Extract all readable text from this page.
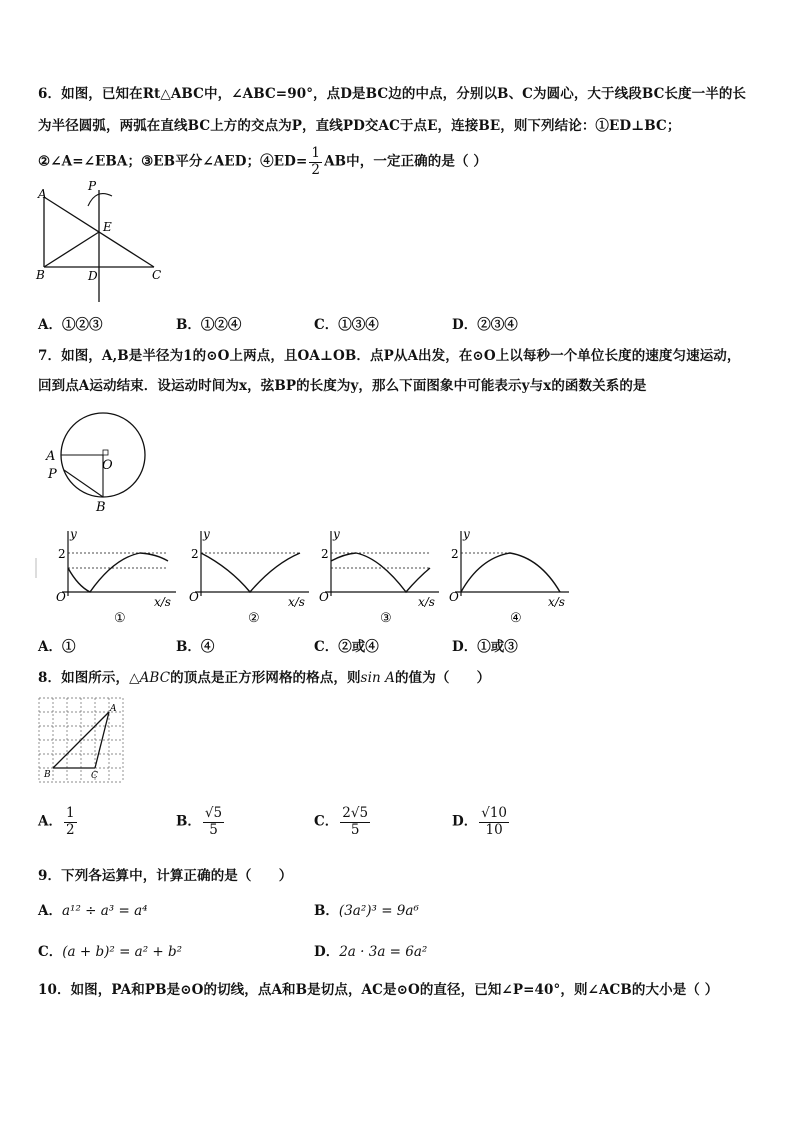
6．如图，已知在Rt△ABC中，∠ABC=90°，点D是BC边的中点，分别以B、C为圆心，大于线段BC长度一半的长
为半径圆弧，两弧在直线BC上方的交点为P，直线PD交AC于点E，连接BE，则下列结论：①ED⊥BC；
②∠A=∠EBA；③EB平分∠AED；④ED= $\frac{1}{2}$ AB中，一定正确的是（ ）
A
P
E
B	D	C
A．①②③	B．①②④	C．①③④	D．②③④
7．如图，A,B是半径为1的⊙O上两点，且OA⊥OB．点P从A出发，在⊙O上以每秒一个单位长度的速度匀速运动，
回到点A运动结束．设运动时间为x，弦BP的长度为y，那么下面图象中可能表示y与x的函数关系的是
A
O
P
B
y
2
O	x/s
①
y
2
O	x/s
②
y
2
O	x/s
③
y
2
O	x/s
④
A．①	B．④	C．②或④	D．①或③
8．如图所示，△ABC的顶点是正方形网格的格点，则sin A的值为（　　）
A
B	C
A． $\frac{1}{2}$	B． $\frac{√5}{5}$	C． $\frac{2√5}{5}$	D． $\frac{√10}{10}$
9．下列各运算中，计算正确的是（　　）
A．a¹² ÷ a³ = a⁴	B．(3a²)³ = 9a⁶
C．(a + b)² = a² + b²	D．2a · 3a = 6a²
10．如图，PA和PB是⊙O的切线，点A和B是切点，AC是⊙O的直径，已知∠P=40°，则∠ACB的大小是（ ）
